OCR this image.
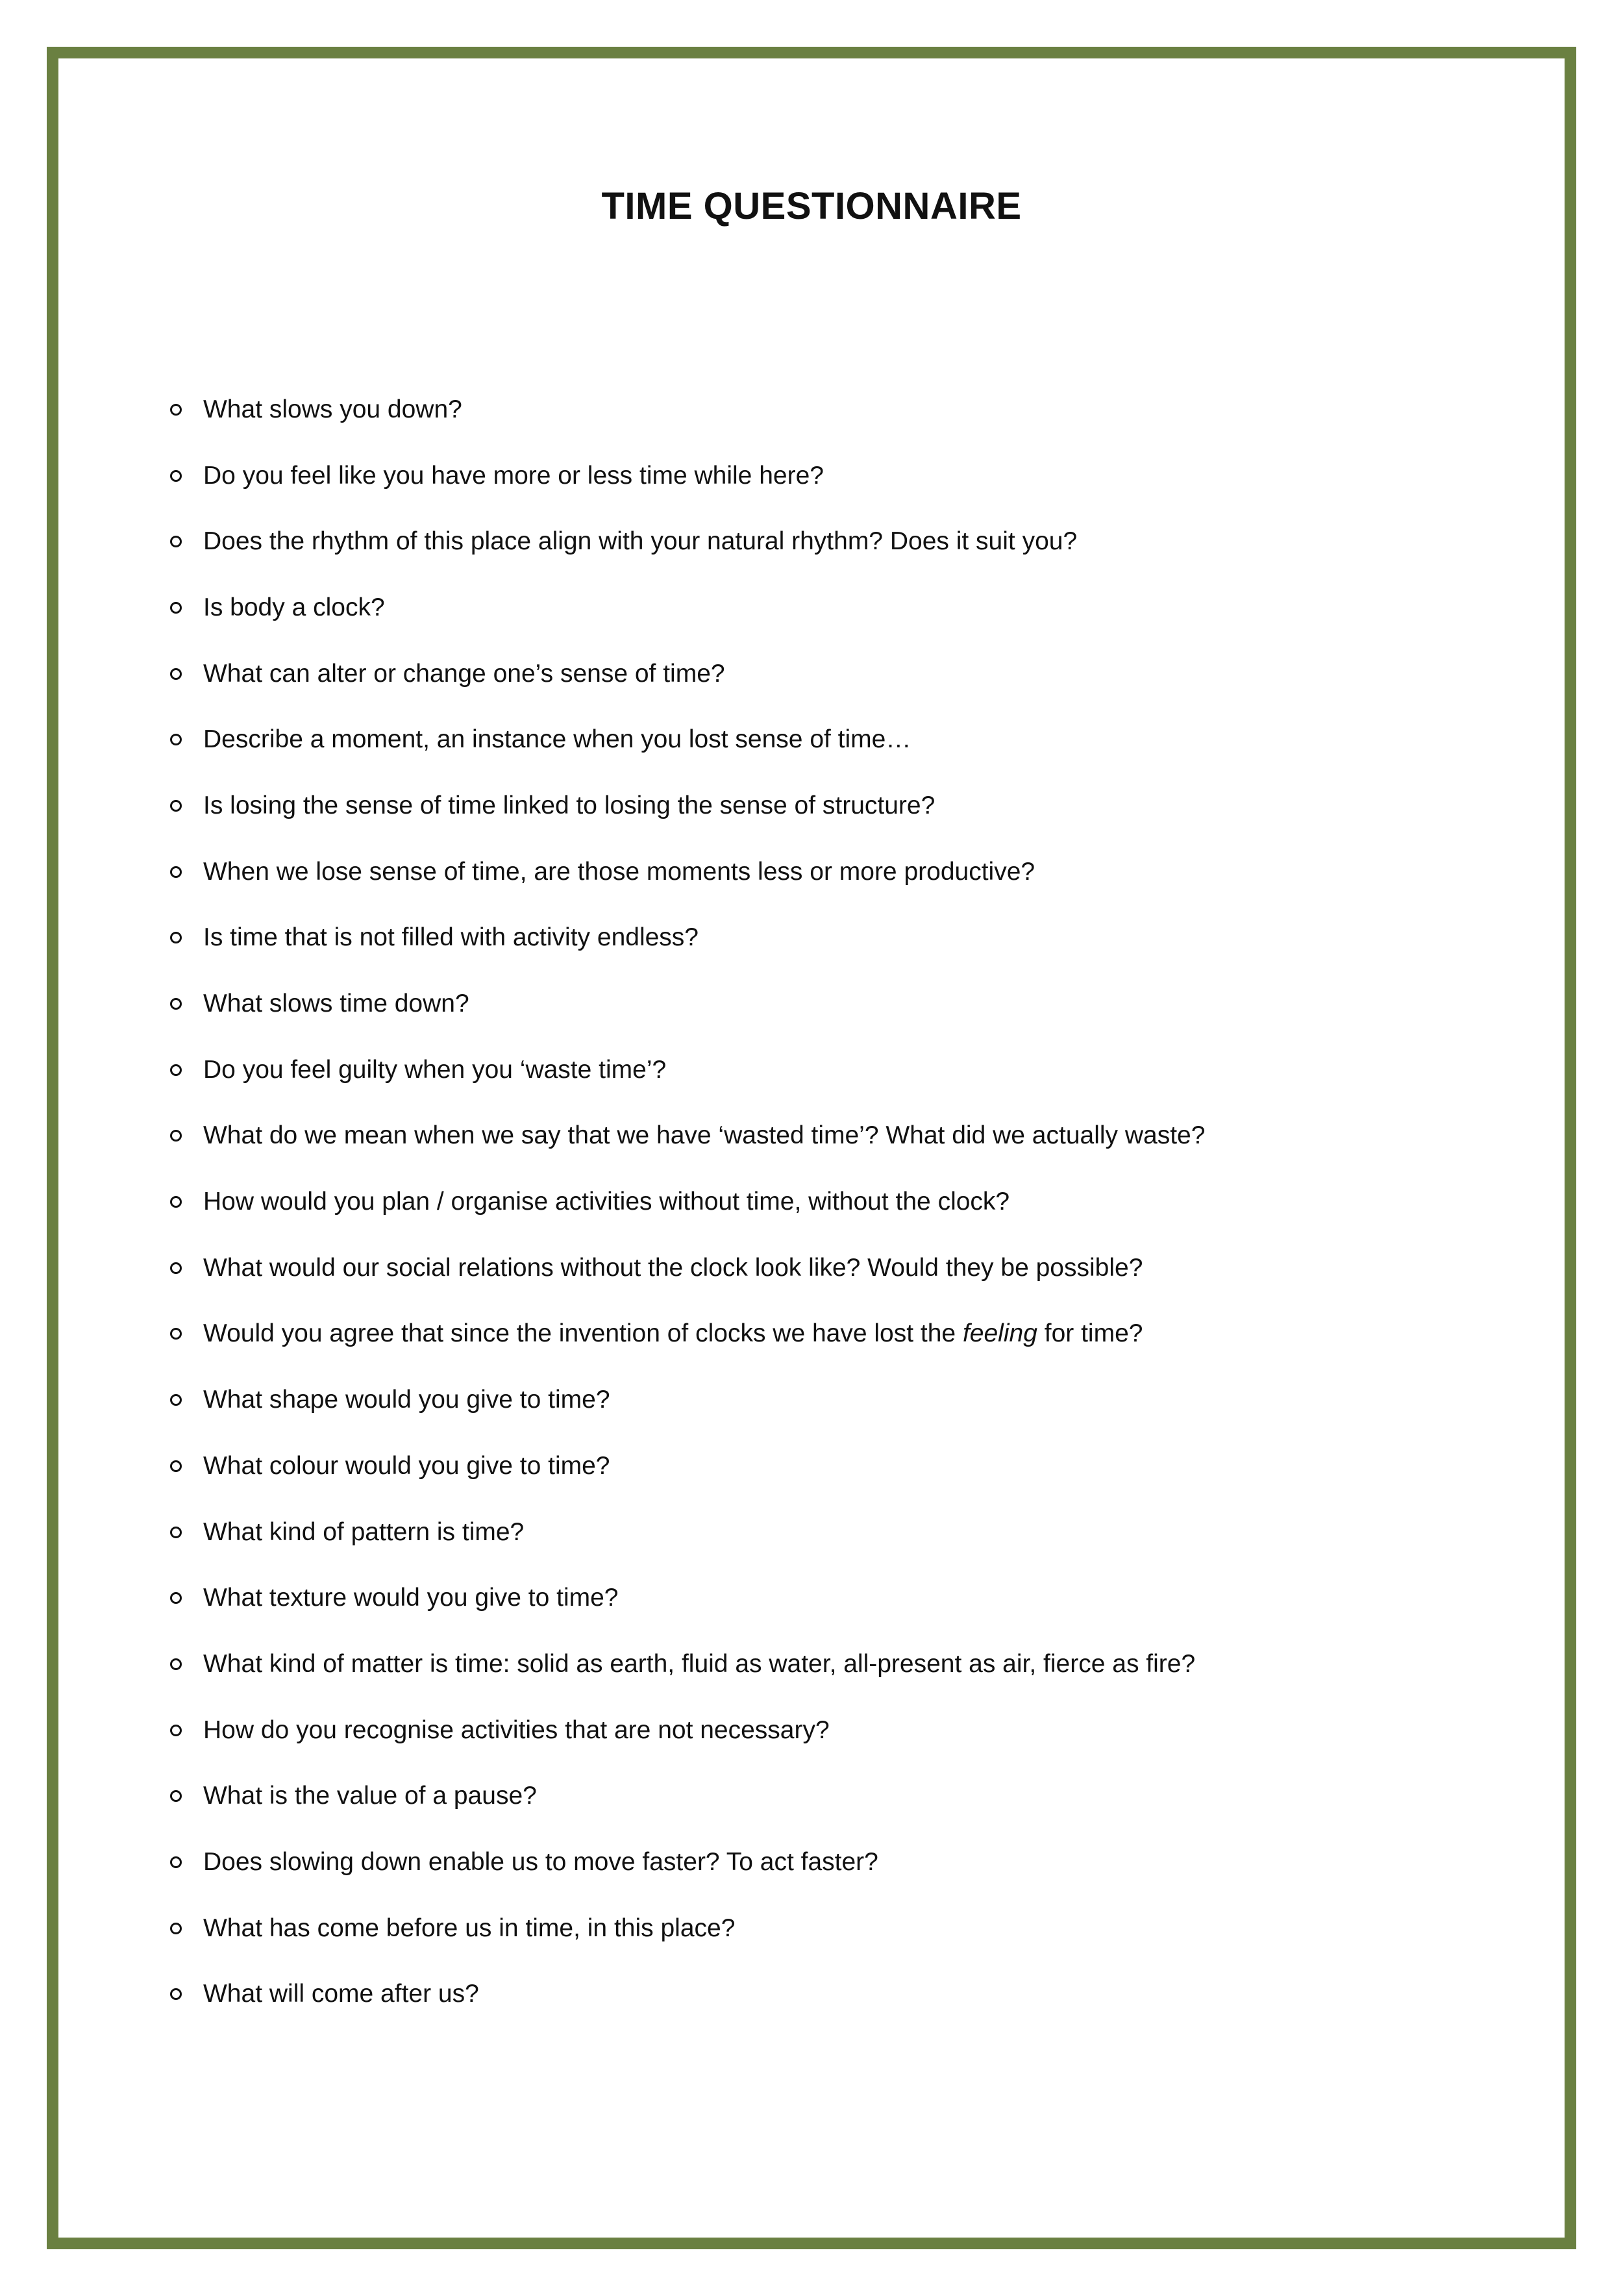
TIME QUESTIONNAIRE
What slows you down?
Do you feel like you have more or less time while here?
Does the rhythm of this place align with your natural rhythm? Does it suit you?
Is body a clock?
What can alter or change one’s sense of time?
Describe a moment, an instance when you lost sense of time…
Is losing the sense of time linked to losing the sense of structure?
When we lose sense of time, are those moments less or more productive?
Is time that is not filled with activity endless?
What slows time down?
Do you feel guilty when you ‘waste time’?
What do we mean when we say that we have ‘wasted time’? What did we actually waste?
How would you plan / organise activities without time, without the clock?
What would our social relations without the clock look like? Would they be possible?
Would you agree that since the invention of clocks we have lost the feeling for time?
What shape would you give to time?
What colour would you give to time?
What kind of pattern is time?
What texture would you give to time?
What kind of matter is time: solid as earth, fluid as water, all-present as air, fierce as fire?
How do you recognise activities that are not necessary?
What is the value of a pause?
Does slowing down enable us to move faster? To act faster?
What has come before us in time, in this place?
What will come after us?
